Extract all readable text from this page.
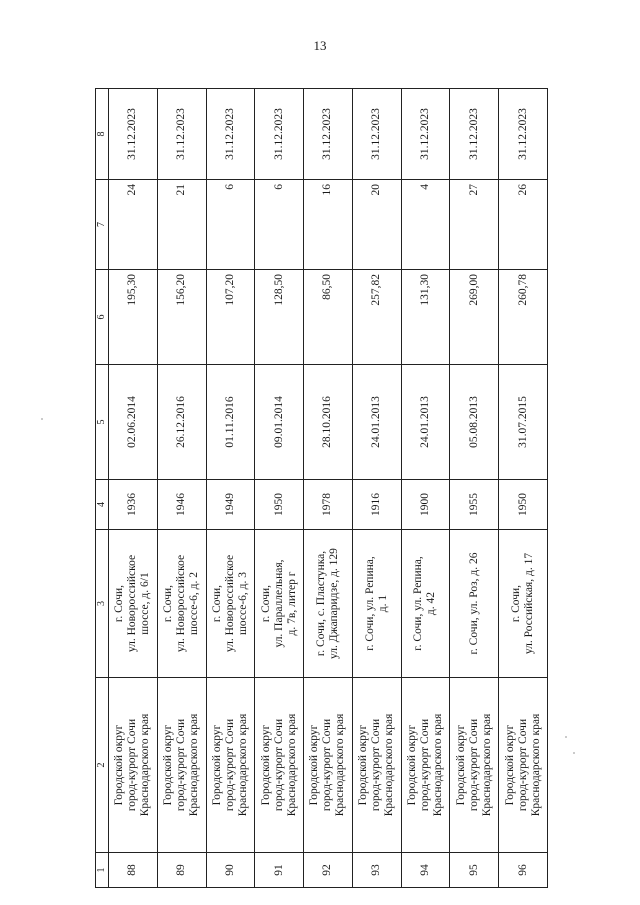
13
1	2	3	4	5	6	7	8
88	Городской округ город-курорт Сочи Краснодарского края	г. Сочи, ул. Новороссийское шоссе, д. 6/1	1936	02.06.2014	195,30	24	31.12.2023
89	Городской округ город-курорт Сочи Краснодарского края	г. Сочи, ул. Новороссийское шоссе-6, д. 2	1946	26.12.2016	156,20	21	31.12.2023
90	Городской округ город-курорт Сочи Краснодарского края	г. Сочи, ул. Новороссийское шоссе-6, д. 3	1949	01.11.2016	107,20	6	31.12.2023
91	Городской округ город-курорт Сочи Краснодарского края	г. Сочи, ул. Параллельная, д. 7в, литер г	1950	09.01.2014	128,50	6	31.12.2023
92	Городской округ город-курорт Сочи Краснодарского края	г. Сочи, с. Пластунка, ул. Джапаридзе, д. 129	1978	28.10.2016	86,50	16	31.12.2023
93	Городской округ город-курорт Сочи Краснодарского края	г. Сочи, ул. Репина, д. 1	1916	24.01.2013	257,82	20	31.12.2023
94	Городской округ город-курорт Сочи Краснодарского края	г. Сочи, ул. Репина, д. 42	1900	24.01.2013	131,30	4	31.12.2023
95	Городской округ город-курорт Сочи Краснодарского края	г. Сочи, ул. Роз, д. 26	1955	05.08.2013	269,00	27	31.12.2023
96	Городской округ город-курорт Сочи Краснодарского края	г. Сочи, ул. Российская, д. 17	1950	31.07.2015	260,78	26	31.12.2023
